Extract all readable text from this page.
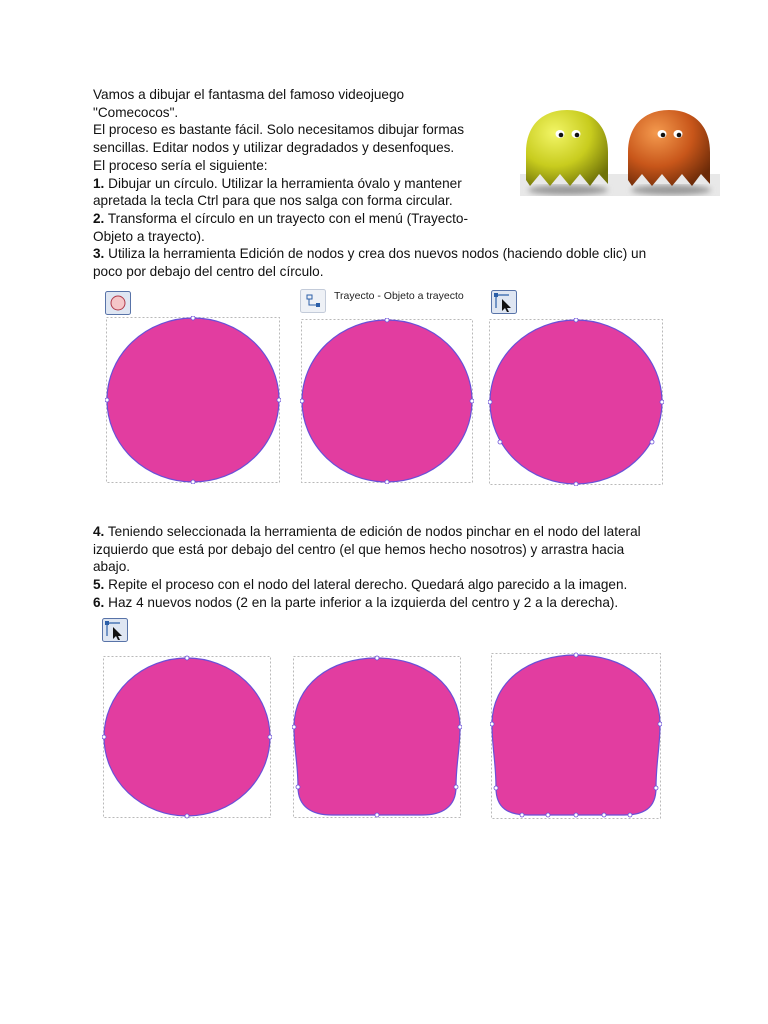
Vamos a dibujar el fantasma del famoso videojuego

"Comecocos".

El proceso es bastante fácil. Solo necesitamos dibujar formas

sencillas. Editar nodos y utilizar degradados y desenfoques.

El proceso sería el siguiente:

1. Dibujar un círculo. Utilizar la herramienta óvalo y mantener

apretada la tecla Ctrl para que nos salga con forma circular.

2. Transforma el círculo en un trayecto con el menú (Trayecto-

Objeto a trayecto).

3. Utiliza la herramienta Edición de nodos y crea dos nuevos nodos (haciendo doble clic) un

poco por debajo del centro del círculo.

Trayecto - Objeto a trayecto

4. Teniendo seleccionada la herramienta de edición de nodos pinchar en el nodo del lateral

izquierdo que está por debajo del centro (el que hemos hecho nosotros) y arrastra hacia

abajo.

5. Repite el proceso con el nodo del lateral derecho. Quedará algo parecido a la imagen.

6. Haz 4 nuevos nodos (2 en la parte inferior a la izquierda del centro y 2 a la derecha).
